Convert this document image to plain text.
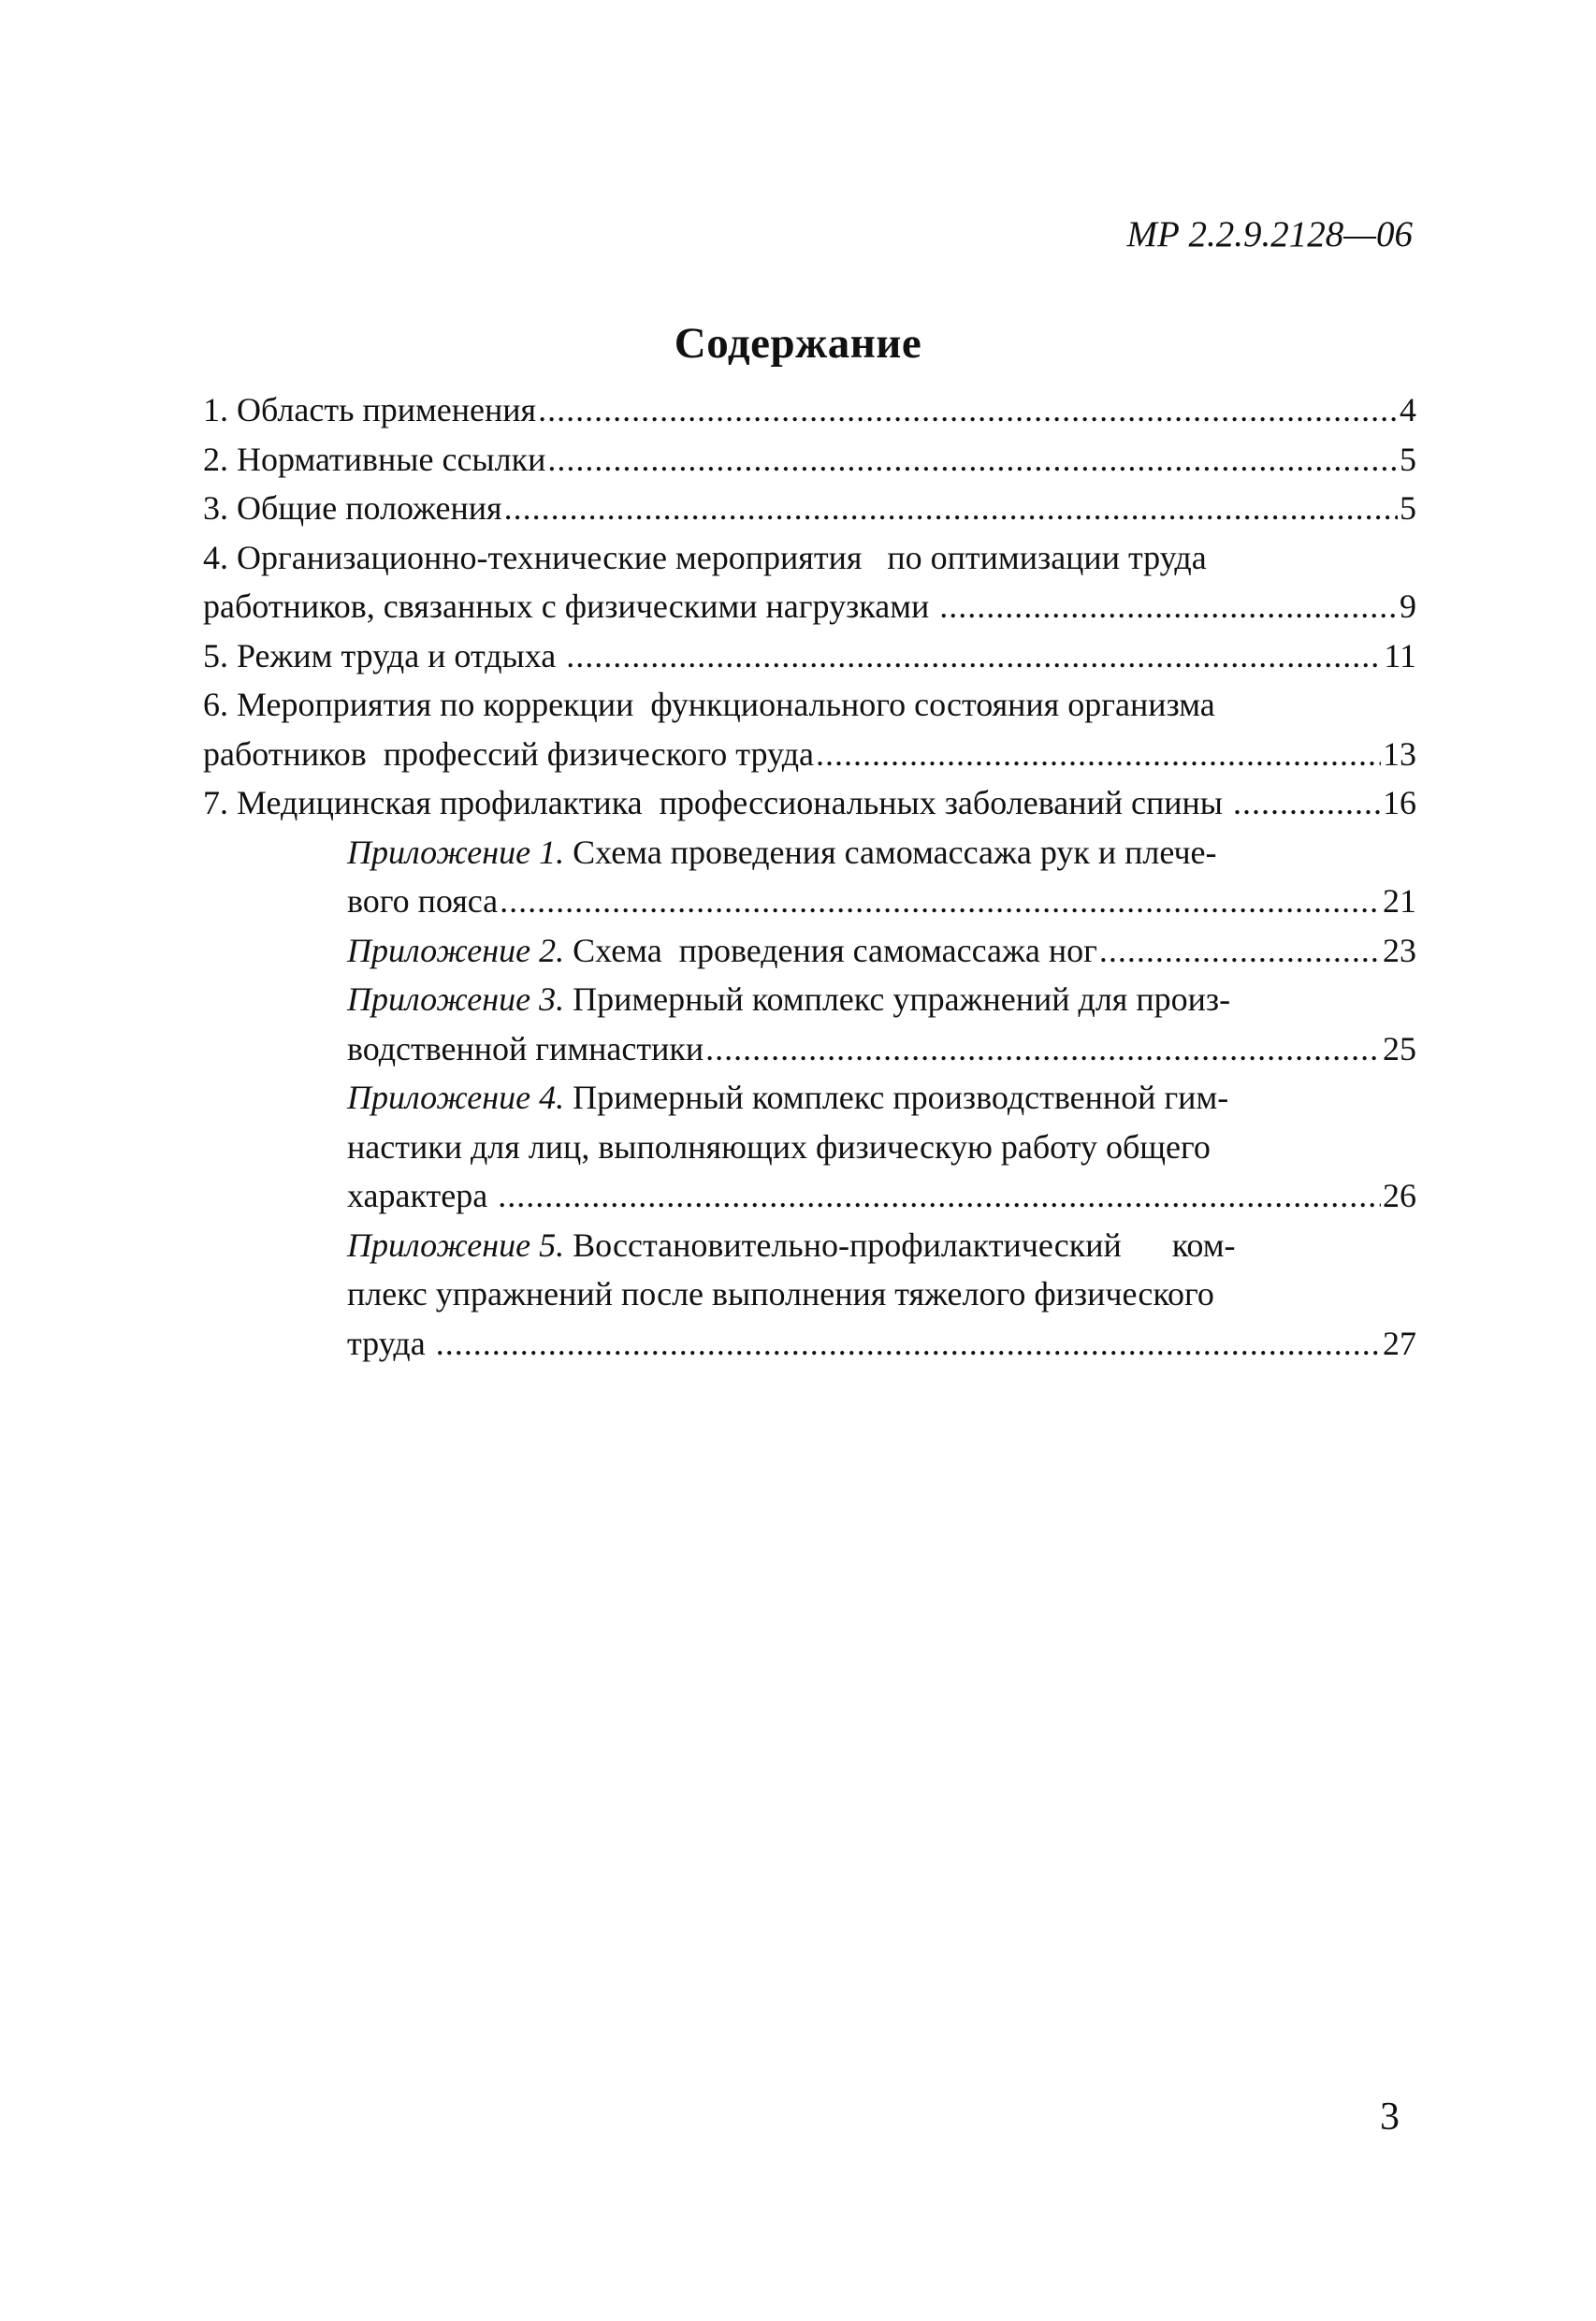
МР 2.2.9.2128—06
Содержание
1. Область применения .....	4
2. Нормативные ссылки .....	5
3. Общие положения .....	5
4. Организационно-технические мероприятия   по оптимизации труда
работников, связанных с физическими нагрузками .....	9
5. Режим труда и отдыха .....	11
6. Мероприятия по коррекции  функционального состояния организма
работников  профессий физического труда .....	13
7. Медицинская профилактика  профессиональных заболеваний спины .....	16
Приложение 1. Схема проведения самомассажа рук и плече-
вого пояса .....	21
Приложение 2. Схема  проведения самомассажа ног .....	23
Приложение 3. Примерный комплекс упражнений для произ-
водственной гимнастики .....	25
Приложение 4. Примерный комплекс производственной гим-
настики для лиц, выполняющих физическую работу общего
характера .....	26
Приложение 5. Восстановительно-профилактический      ком-
плекс упражнений после выполнения тяжелого физического
труда .....	27
3
